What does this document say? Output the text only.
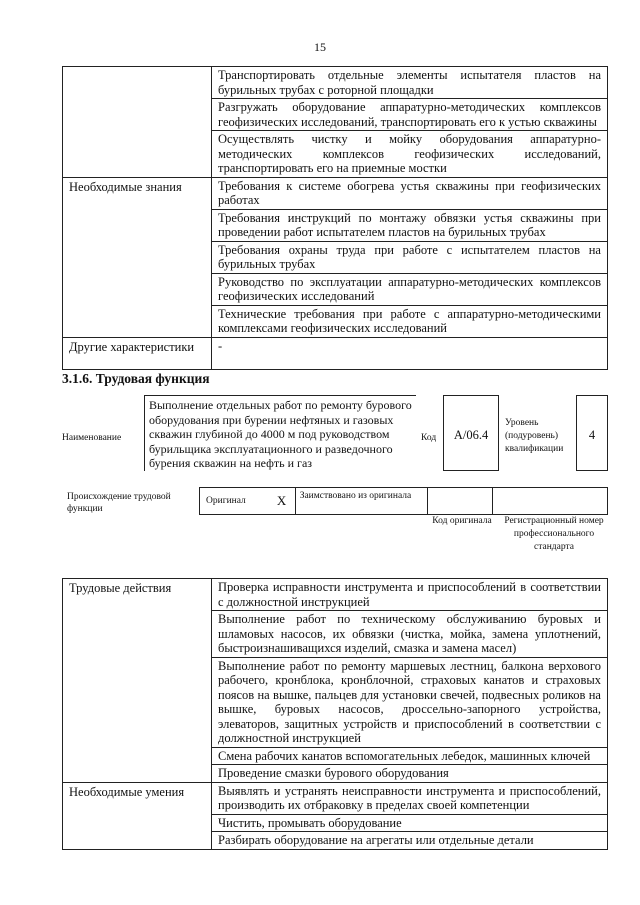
15
	Транспортировать отдельные элементы испытателя пластов на бурильных трубах с роторной площадки
	Разгружать оборудование аппаратурно-методических комплексов геофизических исследований, транспортировать его к устью скважины
	Осуществлять чистку и мойку оборудования аппаратурно-методических комплексов геофизических исследований, транспортировать его на приемные мостки
Необходимые знания	Требования к системе обогрева устья скважины при геофизических работах
	Требования инструкций по монтажу обвязки устья скважины при проведении работ испытателем пластов на бурильных трубах
	Требования охраны труда при работе с испытателем пластов на бурильных трубах
	Руководство по эксплуатации аппаратурно-методических комплексов геофизических исследований
	Технические требования при работе с аппаратурно-методическими комплексами геофизических исследований
Другие характеристики	-
3.1.6. Трудовая функция
Наименование
Выполнение отдельных работ по ремонту бурового оборудования при бурении нефтяных и газовых скважин глубиной до 4000 м под руководством бурильщика эксплуатационного и разведочного бурения скважин на нефть и газ
Код	А/06.4
Уровень (подуровень) квалификации
4
Происхождение трудовой функции
Оригинал	Х	Заимствовано из оригинала		
Код оригинала	Регистрационный номер профессионального стандарта
Трудовые действия	Проверка исправности инструмента и приспособлений в соответствии с должностной инструкцией
	Выполнение работ по техническому обслуживанию буровых и шламовых насосов, их обвязки (чистка, мойка, замена уплотнений, быстроизнашиващихся изделий, смазка и замена масел)
	Выполнение работ по ремонту маршевых лестниц, балкона верхового рабочего, кронблока, кронблочной, страховых канатов и страховых поясов на вышке, пальцев для установки свечей, подвесных роликов на вышке, буровых насосов, дроссельно-запорного устройства, элеваторов, защитных устройств и приспособлений в соответствии с должностной инструкцией
	Смена рабочих канатов вспомогательных лебедок, машинных ключей
	Проведение смазки бурового оборудования
Необходимые умения	Выявлять и устранять неисправности инструмента и приспособлений, производить их отбраковку в пределах своей компетенции
	Чистить, промывать оборудование
	Разбирать оборудование на агрегаты или отдельные детали
